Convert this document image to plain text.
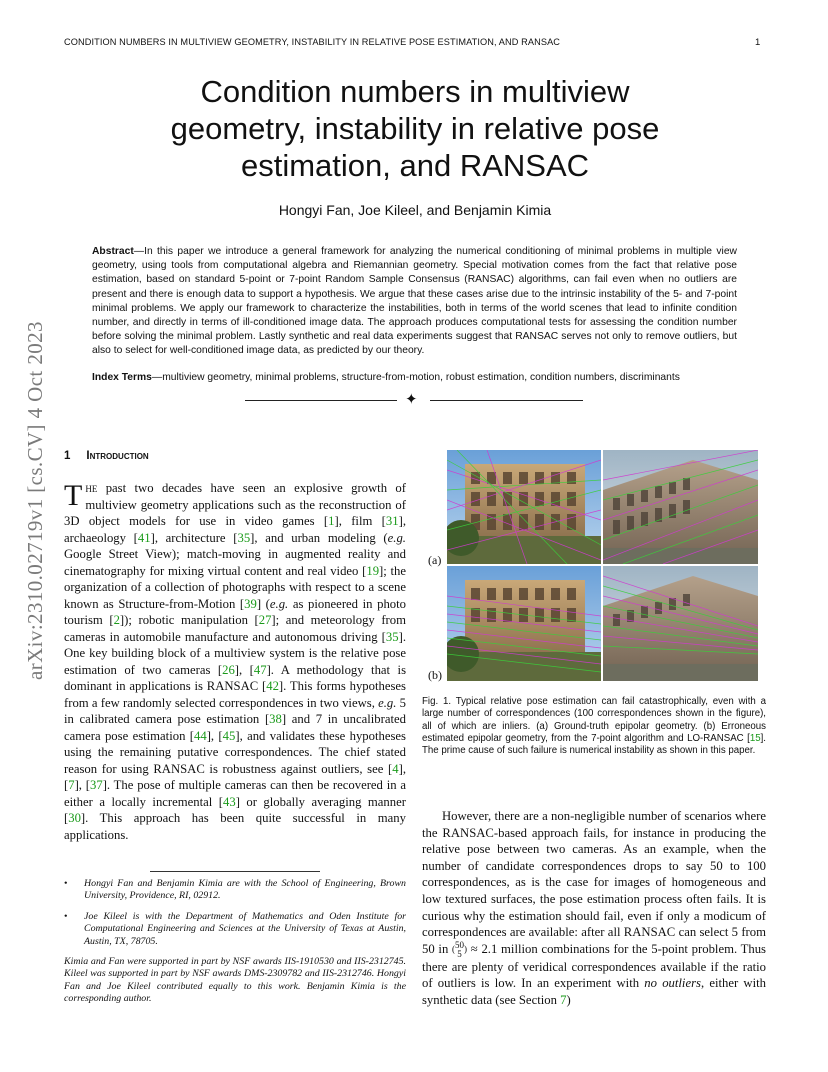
CONDITION NUMBERS IN MULTIVIEW GEOMETRY, INSTABILITY IN RELATIVE POSE ESTIMATION, AND RANSAC	1
Condition numbers in multiview
geometry, instability in relative pose
estimation, and RANSAC
Hongyi Fan, Joe Kileel, and Benjamin Kimia
Abstract—In this paper we introduce a general framework for analyzing the numerical conditioning of minimal problems in multiple view geometry, using tools from computational algebra and Riemannian geometry. Special motivation comes from the fact that relative pose estimation, based on standard 5-point or 7-point Random Sample Consensus (RANSAC) algorithms, can fail even when no outliers are present and there is enough data to support a hypothesis. We argue that these cases arise due to the intrinsic instability of the 5- and 7-point minimal problems. We apply our framework to characterize the instabilities, both in terms of the world scenes that lead to infinite condition number, and directly in terms of ill-conditioned image data. The approach produces computational tests for assessing the condition number before solving the minimal problem. Lastly synthetic and real data experiments suggest that RANSAC serves not only to remove outliers, but also to select for well-conditioned image data, as predicted by our theory.
Index Terms—multiview geometry, minimal problems, structure-from-motion, robust estimation, condition numbers, discriminants
✦
arXiv:2310.02719v1 [cs.CV] 4 Oct 2023 1 Introduction
The past two decades have seen an explosive growth of multiview geometry applications such as the reconstruction of 3D object models for use in video games [1], film [31], archaeology [41], architecture [35], and urban modeling (e.g. Google Street View); match-moving in augmented reality and cinematography for mixing virtual content and real video [19]; the organization of a collection of photographs with respect to a scene known as Structure-from-Motion [39] (e.g. as pioneered in photo tourism [2]); robotic manipulation [27]; and meteorology from cameras in automobile manufacture and autonomous driving [35]. One key building block of a multiview system is the relative pose estimation of two cameras [26], [47]. A methodology that is dominant in applications is RANSAC [42]. This forms hypotheses from a few randomly selected correspondences in two views, e.g. 5 in calibrated camera pose estimation [38] and 7 in uncalibrated camera pose estimation [44], [45], and validates these hypotheses using the remaining putative correspondences. The chief stated reason for using RANSAC is robustness against outliers, see [4], [7], [37]. The pose of multiple cameras can then be recovered in a either a locally incremental [43] or globally averaging manner [30]. This approach has been quite successful in many applications.
• Hongyi Fan and Benjamin Kimia are with the School of Engineering, Brown University, Providence, RI, 02912.
• Joe Kileel is with the Department of Mathematics and Oden Institute for Computational Engineering and Sciences at the University of Texas at Austin, Austin, TX, 78705.
Kimia and Fan were supported in part by NSF awards IIS-1910530 and IIS-2312745. Kileel was supported in part by NSF awards DMS-2309782 and IIS-2312746. Hongyi Fan and Joe Kileel contributed equally to this work. Benjamin Kimia is the corresponding author.
(a)
(b)
Fig. 1. Typical relative pose estimation can fail catastrophically, even with a large number of correspondences (100 correspondences shown in the figure), all of which are inliers. (a) Ground-truth epipolar geometry. (b) Erroneous estimated epipolar geometry, from the 7-point algorithm and LO-RANSAC [15]. The prime cause of such failure is numerical instability as shown in this paper.
However, there are a non-negligible number of scenarios where the RANSAC-based approach fails, for instance in producing the relative pose between two cameras. As an example, when the number of candidate correspondences drops to say 50 to 100 correspondences, as is the case for images of homogeneous and low textured surfaces, the pose estimation process often fails. It is curious why the estimation should fail, even if only a modicum of correspondences are available: after all RANSAC can select 5 from 50 in (50
5 ) ≈ 2.1 million combinations for the 5-point problem. Thus there are plenty of veridical correspondences available if the ratio of outliers is low. In an experiment with no outliers, either with synthetic data (see Section 7)
